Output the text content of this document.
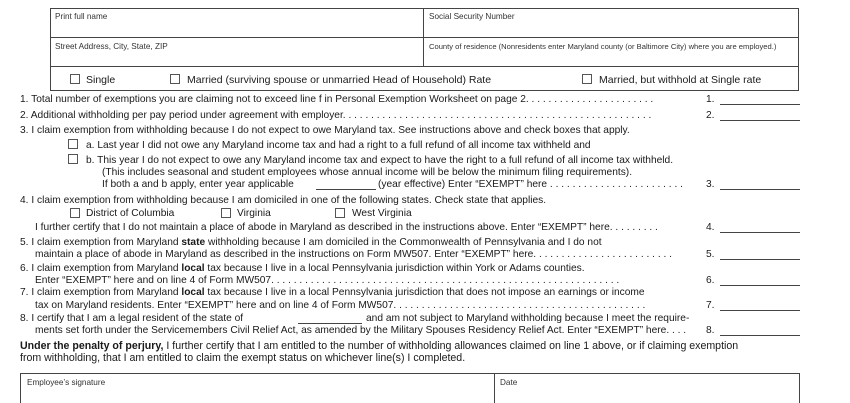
Print full name	Social Security Number
Street Address, City, State, ZIP	County of residence (Nonresidents enter Maryland county (or Baltimore City) where you are employed.)
Single	Married (surviving spouse or unmarried Head of Household) Rate	Married, but withhold at Single rate
1. Total number of exemptions you are claiming not to exceed line f in Personal Exemption Worksheet on page 2. . . . . . . . . . . . . . . . . . . . . . .	1.
2. Additional withholding per pay period under agreement with employer. . . . . . . . . . . . . . . . . . . . . . . . . . . . . . . . . . . . . . . . . . . . . . . . . . . . . . .	2.
3. I claim exemption from withholding because I do not expect to owe Maryland tax. See instructions above and check boxes that apply.
a. Last year I did not owe any Maryland income tax and had a right to a full refund of all income tax withheld and
b. This year I do not expect to owe any Maryland income tax and expect to have the right to a full refund of all income tax withheld.
(This includes seasonal and student employees whose annual income will be below the minimum filing requirements).
If both a and b apply, enter year applicable	(year effective) Enter “EXEMPT” here . . . . . . . . . . . . . . . . . . . . . . . . 3.
4. I claim exemption from withholding because I am domiciled in one of the following states. Check state that applies.
District of Columbia	Virginia	West Virginia
I further certify that I do not maintain a place of abode in Maryland as described in the instructions above. Enter “EXEMPT” here. . . . . . . . .	4.
5. I claim exemption from Maryland state withholding because I am domiciled in the Commonwealth of Pennsylvania and I do not
maintain a place of abode in Maryland as described in the instructions on Form MW507. Enter “EXEMPT” here. . . . . . . . . . . . . . . . . . . . . . . . .	5.
6. I claim exemption from Maryland local tax because I live in a local Pennsylvania jurisdiction within York or Adams counties.
Enter “EXEMPT” here and on line 4 of Form MW507. . . . . . . . . . . . . . . . . . . . . . . . . . . . . . . . . . . . . . . . . . . . . . . . . . . . . . . . . . . . . .	6.
7. I claim exemption from Maryland local tax because I live in a local Pennsylvania jurisdiction that does not impose an earnings or income
tax on Maryland residents. Enter “EXEMPT” here and on line 4 of Form MW507. . . . . . . . . . . . . . . . . . . . . . . . . . . . . . . . . . . . . . . . . . . . .	7.
8. I certify that I am a legal resident of the state of	and am not subject to Maryland withholding because I meet the require-
ments set forth under the Servicemembers Civil Relief Act, as amended by the Military Spouses Residency Relief Act. Enter “EXEMPT” here. . . . 8.
Under the penalty of perjury, I further certify that I am entitled to the number of withholding allowances claimed on line 1 above, or if claiming exemption
from withholding, that I am entitled to claim the exempt status on whichever line(s) I completed.
Employee’s signature	Date
